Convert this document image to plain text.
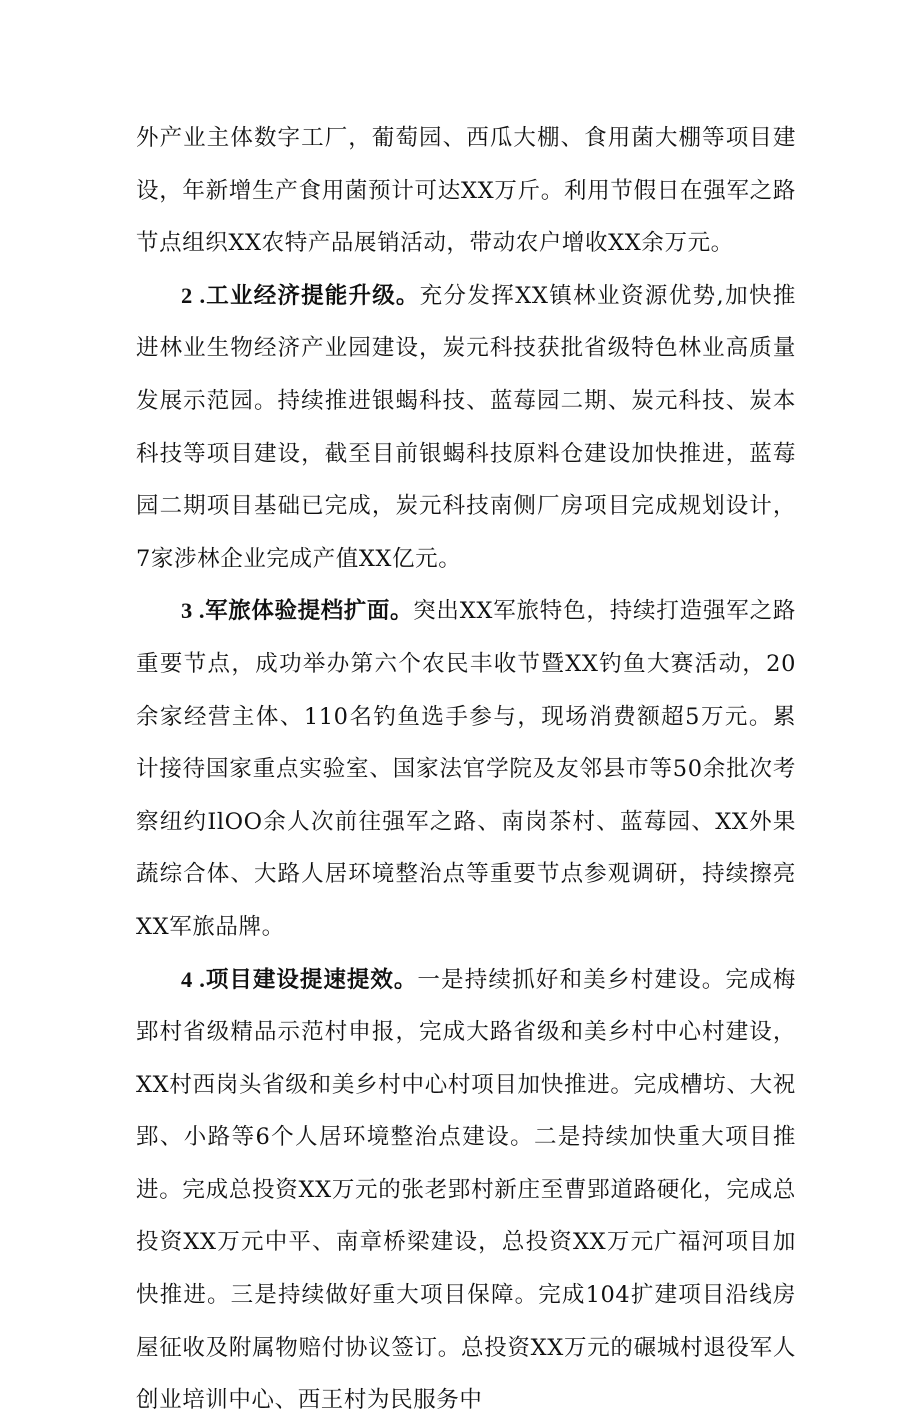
外产业主体数字工厂，葡萄园、西瓜大棚、食用菌大棚等项目建设，年新增生产食用菌预计可达XX万斤。利用节假日在强军之路节点组织XX农特产品展销活动，带动农户增收XX余万元。

2 .工业经济提能升级。充分发挥XX镇林业资源优势,加快推进林业生物经济产业园建设，炭元科技获批省级特色林业高质量发展示范园。持续推进银蝎科技、蓝莓园二期、炭元科技、炭本科技等项目建设，截至目前银蝎科技原料仓建设加快推进，蓝莓园二期项目基础已完成，炭元科技南侧厂房项目完成规划设计，7家涉林企业完成产值XX亿元。

3 .军旅体验提档扩面。突出XX军旅特色，持续打造强军之路重要节点，成功举办第六个农民丰收节暨XX钓鱼大赛活动，20余家经营主体、110名钓鱼选手参与，现场消费额超5万元。累计接待国家重点实验室、国家法官学院及友邻县市等50余批次考察纽约IlOO余人次前往强军之路、南岗茶村、蓝莓园、XX外果蔬综合体、大路人居环境整治点等重要节点参观调研，持续擦亮XX军旅品牌。

4 .项目建设提速提效。一是持续抓好和美乡村建设。完成梅郢村省级精品示范村申报，完成大路省级和美乡村中心村建设，XX村西岗头省级和美乡村中心村项目加快推进。完成槽坊、大祝郢、小路等6个人居环境整治点建设。二是持续加快重大项目推进。完成总投资XX万元的张老郢村新庄至曹郢道路硬化，完成总投资XX万元中平、南章桥梁建设，总投资XX万元广福河项目加快推进。三是持续做好重大项目保障。完成104扩建项目沿线房屋征收及附属物赔付协议签订。总投资XX万元的碾城村退役军人创业培训中心、西王村为民服务中
